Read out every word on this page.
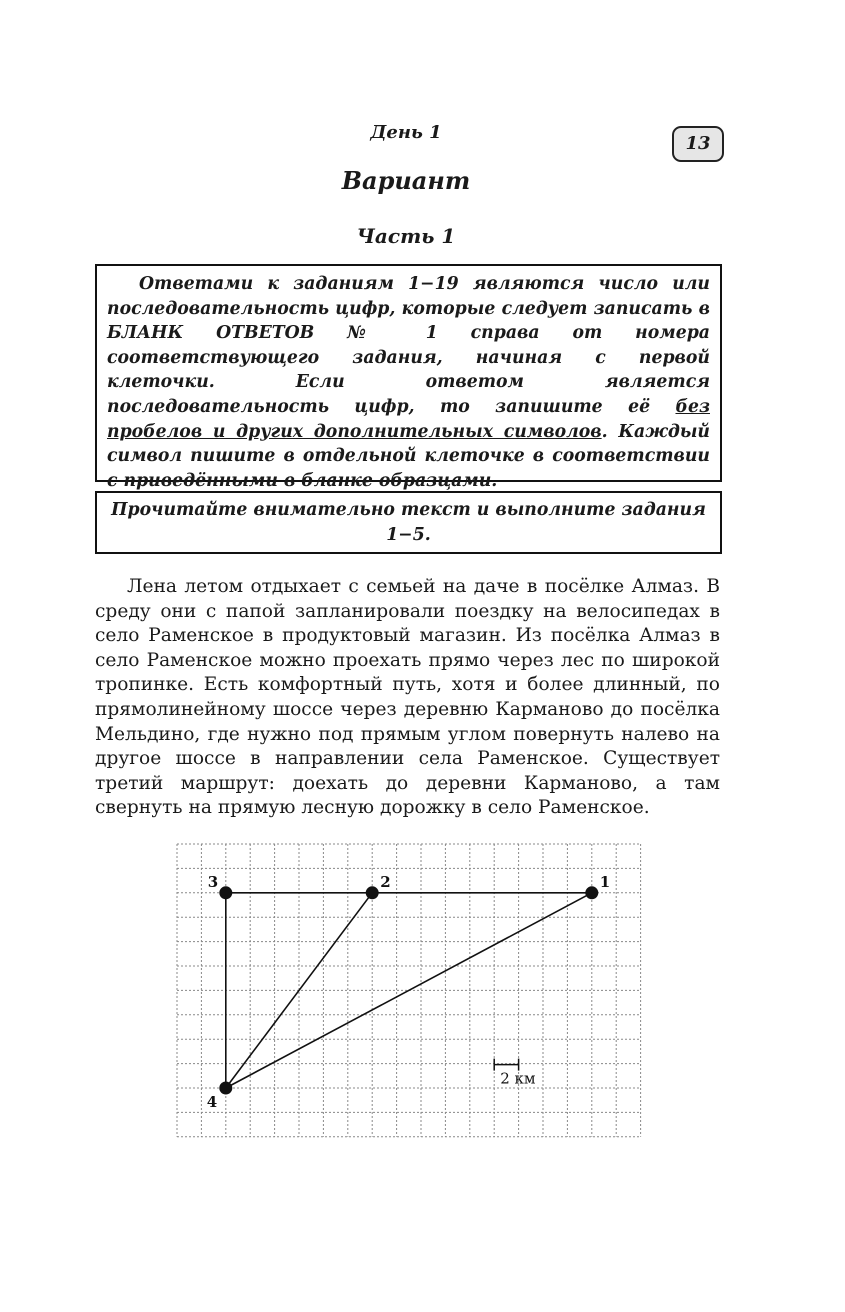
День 1
13
Вариант
Часть 1
Ответами к заданиям 1−19 являются число или последовательность цифр, которые следует записать в БЛАНК ОТВЕТОВ № 1 справа от номера соответствующего задания, начиная с первой клеточки. Если ответом является последовательность цифр, то запишите её без пробелов и других дополнительных символов. Каждый символ пишите в отдельной клеточке в соответствии с приведёнными в бланке образцами.
Прочитайте внимательно текст и выполните задания 1−5.

Лена летом отдыхает с семьей на даче в посёлке Алмаз. В среду они с папой запланировали поездку на велосипедах в село Раменское в продуктовый магазин. Из посёлка Алмаз в село Раменское можно проехать прямо через лес по широкой тропинке. Есть комфортный путь, хотя и более длинный, по прямолинейному шоссе через деревню Карманово до посёлка Мельдино, где нужно под прямым углом повернуть налево на другое шоссе в направлении села Раменское. Существует третий маршрут: доехать до деревни Карманово, а там свернуть на прямую лесную дорожку в село Раменское.

1
2
3
4
2 км
